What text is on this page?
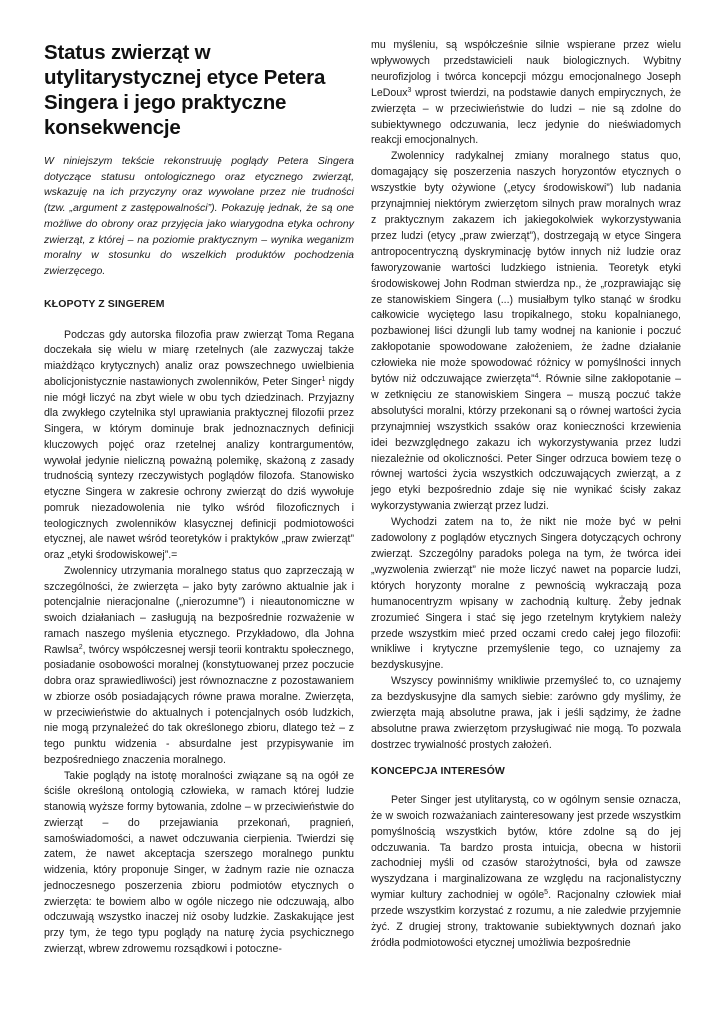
Status zwierząt w utylitarystycznej etyce Petera Singera i jego praktyczne konsekwencje

W niniejszym tekście rekonstruuję poglądy Petera Singera dotyczące statusu ontologicznego oraz etycznego zwierząt, wskazuję na ich przyczyny oraz wywołane przez nie trudności (tzw. „argument z zastępowalności”). Pokazuję jednak, że są one możliwe do obrony oraz przyjęcia jako wiarygodna etyka ochrony zwierząt, z której – na poziomie praktycznym – wynika weganizm moralny w stosunku do wszelkich produktów pochodzenia zwierzęcego.

KŁOPOTY Z SINGEREM

Podczas gdy autorska filozofia praw zwierząt Toma Regana doczekała się wielu w miarę rzetelnych (ale zazwyczaj także miażdżąco krytycznych) analiz oraz powszechnego uwielbienia abolicjonistycznie nastawionych zwolenników, Peter Singer$^1$ nigdy nie mógł liczyć na zbyt wiele w obu tych dziedzinach. Przyjazny dla zwykłego czytelnika styl uprawiania praktycznej filozofii przez Singera, w którym dominuje brak jednoznacznych definicji kluczowych pojęć oraz rzetelnej analizy kontrargumentów, wywołał jedynie nieliczną poważną polemikę, skażoną z zasady trudnością syntezy rzeczywistych poglądów filozofa. Stanowisko etyczne Singera w zakresie ochrony zwierząt do dziś wywołuje pomruk niezadowolenia nie tylko wśród filozoficznych i teologicznych zwolenników klasycznej definicji podmiotowości etycznej, ale nawet wśród teoretyków i praktyków „praw zwierząt” oraz „etyki środowiskowej”.=

Zwolennicy utrzymania moralnego status quo zaprzeczają w szczególności, że zwierzęta – jako byty zarówno aktualnie jak i potencjalnie nieracjonalne („nierozumne”) i nieautonomiczne w swoich działaniach – zasługują na bezpośrednie rozważenie w ramach naszego myślenia etycznego. Przykładowo, dla Johna Rawlsa$^2$, twórcy współczesnej wersji teorii kontraktu społecznego, posiadanie osobowości moralnej (konstytuowanej przez poczucie dobra oraz sprawiedliwości) jest równoznaczne z pozostawaniem w zbiorze osób posiadających równe prawa moralne. Zwierzęta, w przeciwieństwie do aktualnych i potencjalnych osób ludzkich, nie mogą przynależeć do tak określonego zbioru, dlatego też – z tego punktu widzenia - absurdalne jest przypisywanie im bezpośredniego znaczenia moralnego.

Takie poglądy na istotę moralności związane są na ogół ze ściśle określoną ontologią człowieka, w ramach której ludzie stanowią wyższe formy bytowania, zdolne – w przeciwieństwie do zwierząt – do przejawiania przekonań, pragnień, samoświadomości, a nawet odczuwania cierpienia. Twierdzi się zatem, że nawet akceptacja szerszego moralnego punktu widzenia, który proponuje Singer, w żadnym razie nie oznacza jednoczesnego poszerzenia zbioru podmiotów etycznych o zwierzęta: te bowiem albo w ogóle niczego nie odczuwają, albo odczuwają wszystko inaczej niż osoby ludzkie. Zaskakujące jest przy tym, że tego typu poglądy na naturę życia psychicznego zwierząt, wbrew zdrowemu rozsądkowi i potoczne-

mu myśleniu, są współcześnie silnie wspierane przez wielu wpływowych przedstawicieli nauk biologicznych. Wybitny neurofizjolog i twórca koncepcji mózgu emocjonalnego Joseph LeDoux$^3$ wprost twierdzi, na podstawie danych empirycznych, że zwierzęta – w przeciwieństwie do ludzi – nie są zdolne do subiektywnego odczuwania, lecz jedynie do nieświadomych reakcji emocjonalnych.

Zwolennicy radykalnej zmiany moralnego status quo, domagający się poszerzenia naszych horyzontów etycznych o wszystkie byty ożywione („etycy środowiskowi”) lub nadania przynajmniej niektórym zwierzętom silnych praw moralnych wraz z praktycznym zakazem ich jakiegokolwiek wykorzystywania przez ludzi (etycy „praw zwierząt”), dostrzegają w etyce Singera antropocentryczną dyskryminację bytów innych niż ludzie oraz faworyzowanie wartości ludzkiego istnienia. Teoretyk etyki środowiskowej John Rodman stwierdza np., że „rozprawiając się ze stanowiskiem Singera (...) musiałbym tylko stanąć w środku całkowicie wyciętego lasu tropikalnego, stoku kopalnianego, pozbawionej liści dżungli lub tamy wodnej na kanionie i poczuć zakłopotanie spowodowane założeniem, że żadne działanie człowieka nie może spowodować różnicy w pomyślności innych bytów niż odczuwające zwierzęta”$^4$. Równie silne zakłopotanie – w zetknięciu ze stanowiskiem Singera – muszą poczuć także absolutyści moralni, którzy przekonani są o równej wartości życia przynajmniej wszystkich ssaków oraz konieczności krzewienia idei bezwzględnego zakazu ich wykorzystywania przez ludzi niezależnie od okoliczności. Peter Singer odrzuca bowiem tezę o równej wartości życia wszystkich odczuwających zwierząt, a z jego etyki bezpośrednio zdaje się nie wynikać ścisły zakaz wykorzystywania zwierząt przez ludzi.

Wychodzi zatem na to, że nikt nie może być w pełni zadowolony z poglądów etycznych Singera dotyczących ochrony zwierząt. Szczególny paradoks polega na tym, że twórca idei „wyzwolenia zwierząt” nie może liczyć nawet na poparcie ludzi, których horyzonty moralne z pewnością wykraczają poza humanocentryzm wpisany w zachodnią kulturę. Żeby jednak zrozumieć Singera i stać się jego rzetelnym krytykiem należy przede wszystkim mieć przed oczami credo całej jego filozofii: wnikliwe i krytyczne przemyślenie tego, co uznajemy za bezdyskusyjne.

Wszyscy powinniśmy wnikliwie przemyśleć to, co uznajemy za bezdyskusyjne dla samych siebie: zarówno gdy myślimy, że zwierzęta mają absolutne prawa, jak i jeśli sądzimy, że żadne absolutne prawa zwierzętom przysługiwać nie mogą. To pozwala dostrzec trywialność prostych założeń.

KONCEPCJA INTERESÓW

Peter Singer jest utylitarystą, co w ogólnym sensie oznacza, że w swoich rozważaniach zainteresowany jest przede wszystkim pomyślnością wszystkich bytów, które zdolne są do jej odczuwania. Ta bardzo prosta intuicja, obecna w historii zachodniej myśli od czasów starożytności, była od zawsze wyszydzana i marginalizowana ze względu na racjonalistyczny wymiar kultury zachodniej w ogóle$^5$. Racjonalny człowiek miał przede wszystkim korzystać z rozumu, a nie zaledwie przyjemnie żyć. Z drugiej strony, traktowanie subiektywnych doznań jako źródła podmiotowości etycznej umożliwia bezpośrednie
